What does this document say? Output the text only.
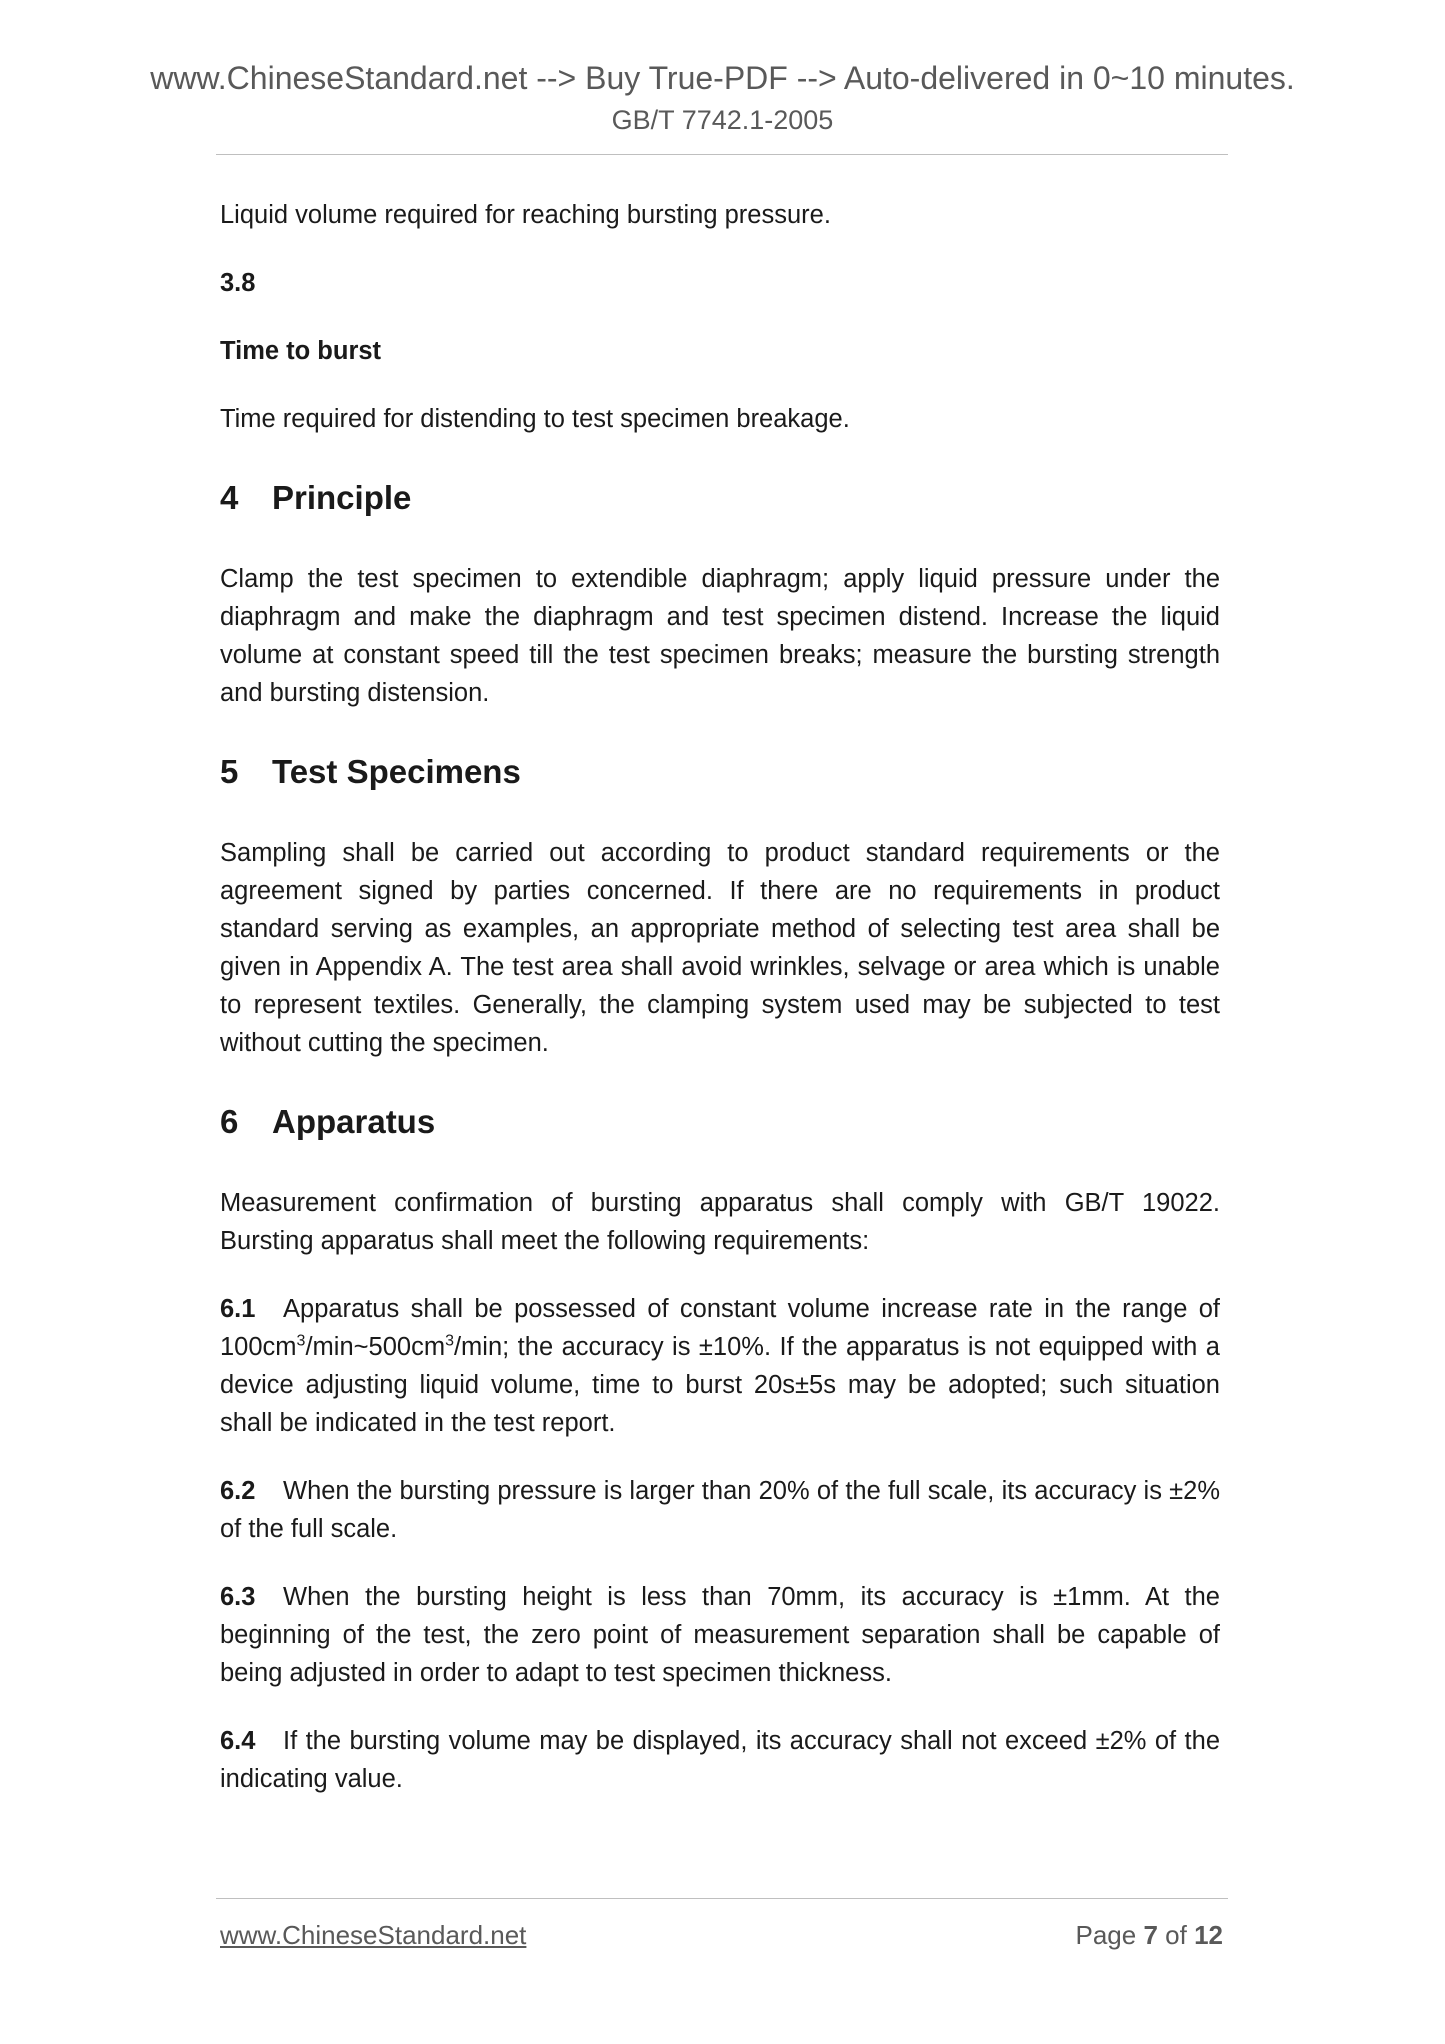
www.ChineseStandard.net --> Buy True-PDF --> Auto-delivered in 0~10 minutes.
GB/T 7742.1-2005

Liquid volume required for reaching bursting pressure.

3.8

Time to burst

Time required for distending to test specimen breakage.

4 Principle

Clamp the test specimen to extendible diaphragm; apply liquid pressure under the diaphragm and make the diaphragm and test specimen distend. Increase the liquid volume at constant speed till the test specimen breaks; measure the bursting strength and bursting distension.

5 Test Specimens

Sampling shall be carried out according to product standard requirements or the agreement signed by parties concerned. If there are no requirements in product standard serving as examples, an appropriate method of selecting test area shall be given in Appendix A. The test area shall avoid wrinkles, selvage or area which is unable to represent textiles. Generally, the clamping system used may be subjected to test without cutting the specimen.

6 Apparatus

Measurement confirmation of bursting apparatus shall comply with GB/T 19022. Bursting apparatus shall meet the following requirements:

6.1 Apparatus shall be possessed of constant volume increase rate in the range of $100cm^3/\min\sim 500cm^3/\min$; the accuracy is ±10%. If the apparatus is not equipped with a device adjusting liquid volume, time to burst 20s±5s may be adopted; such situation shall be indicated in the test report.

6.2 When the bursting pressure is larger than 20% of the full scale, its accuracy is ±2% of the full scale.

6.3 When the bursting height is less than 70mm, its accuracy is ±1mm. At the beginning of the test, the zero point of measurement separation shall be capable of being adjusted in order to adapt to test specimen thickness.

6.4 If the bursting volume may be displayed, its accuracy shall not exceed ±2% of the indicating value.

www.ChineseStandard.net	Page 7 of 12
